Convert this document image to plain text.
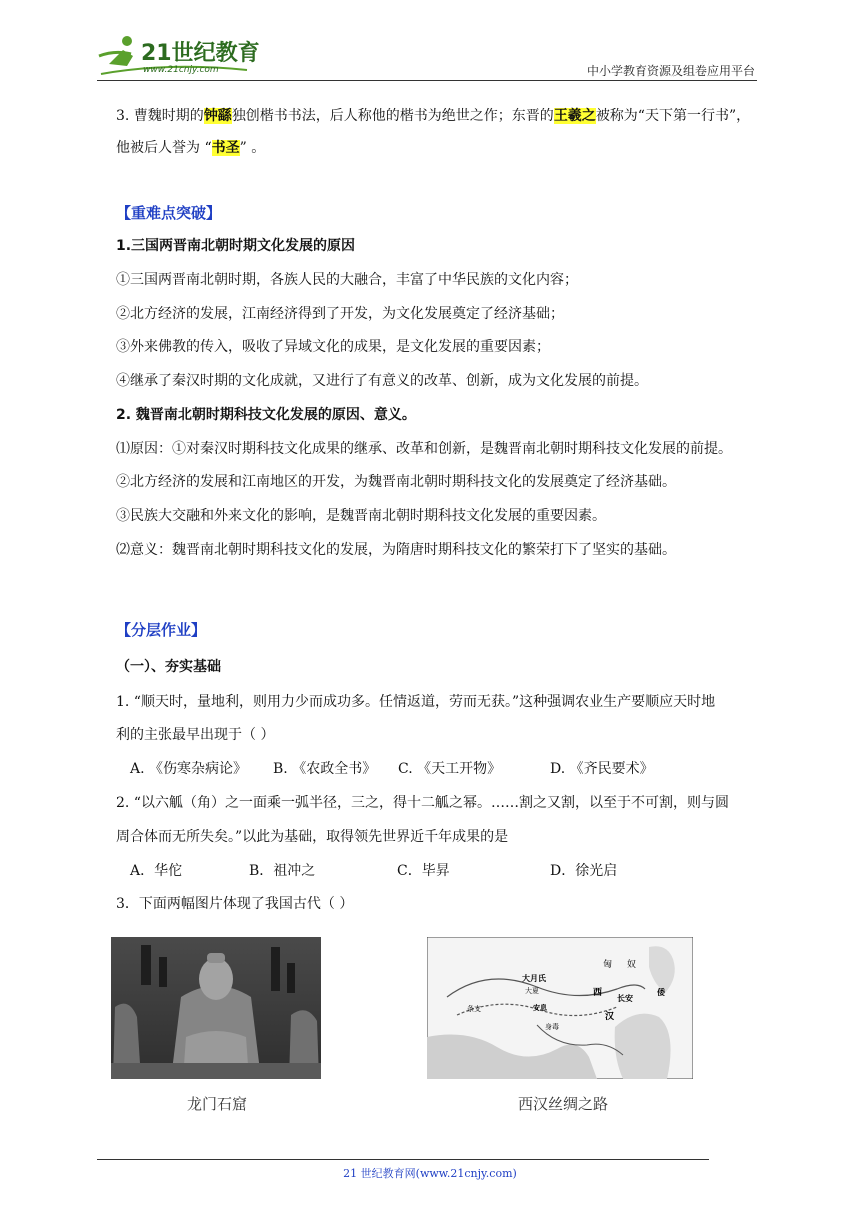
21世纪教育
www.21cnjy.com	中小学教育资源及组卷应用平台
3. 曹魏时期的钟繇独创楷书书法，后人称他的楷书为绝世之作；东晋的王羲之被称为“天下第一行书”，
他被后人誉为 “书圣” 。
【重难点突破】
1.三国两晋南北朝时期文化发展的原因
①三国两晋南北朝时期，各族人民的大融合，丰富了中华民族的文化内容；
②北方经济的发展，江南经济得到了开发，为文化发展奠定了经济基础；
③外来佛教的传入，吸收了异域文化的成果，是文化发展的重要因素；
④继承了秦汉时期的文化成就，又进行了有意义的改革、创新，成为文化发展的前提。
2. 魏晋南北朝时期科技文化发展的原因、意义。
⑴原因：①对秦汉时期科技文化成果的继承、改革和创新，是魏晋南北朝时期科技文化发展的前提。
②北方经济的发展和江南地区的开发，为魏晋南北朝时期科技文化的发展奠定了经济基础。
③民族大交融和外来文化的影响，是魏晋南北朝时期科技文化发展的重要因素。
⑵意义：魏晋南北朝时期科技文化的发展，为隋唐时期科技文化的繁荣打下了坚实的基础。
【分层作业】
（一）、夯实基础
1. “顺天时，量地利，则用力少而成功多。任情返道，劳而无获。”这种强调农业生产要顺应天时地
利的主张最早出现于（ ）
A. 《伤寒杂病论》 B. 《农政全书》 C. 《天工开物》	D. 《齐民要术》
2. “以六觚（角）之一面乘一弧半径，三之，得十二觚之幂。……割之又割，以至于不可割，则与圆
周合体而无所失矣。”以此为基础，取得领先世界近千年成果的是
A．华佗	B．祖冲之	C．毕昇	D．徐光启
3．下面两幅图片体现了我国古代（ ）
龙门石窟
大月氏
大夏
安息
条支
身毒
长安
西
汉
倭
匈 奴
西汉丝绸之路
21 世纪教育网(www.21cnjy.com)
